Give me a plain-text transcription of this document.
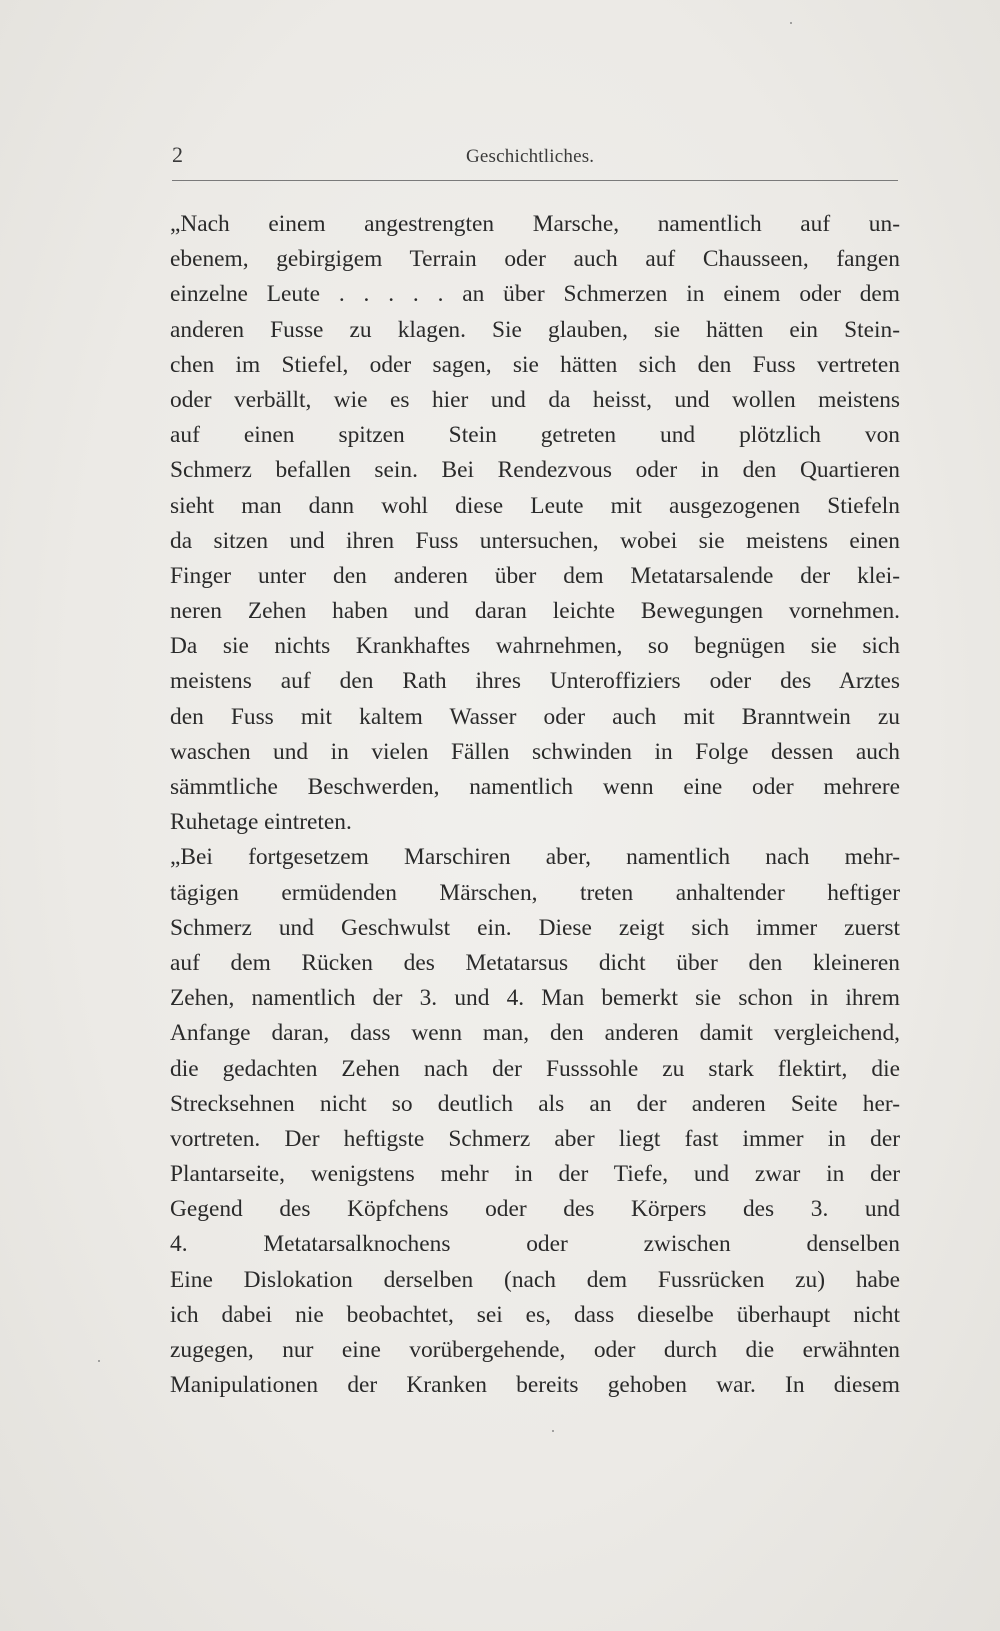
2	Geschichtliches.
„Nach einem angestrengten Marsche, namentlich auf un-
ebenem, gebirgigem Terrain oder auch auf Chausseen, fangen
einzelne Leute . . . . . an über Schmerzen in einem oder dem
anderen Fusse zu klagen. Sie glauben, sie hätten ein Stein-
chen im Stiefel, oder sagen, sie hätten sich den Fuss vertreten
oder verbällt, wie es hier und da heisst, und wollen meistens
auf einen spitzen Stein getreten und plötzlich von
Schmerz befallen sein. Bei Rendezvous oder in den Quartieren
sieht man dann wohl diese Leute mit ausgezogenen Stiefeln
da sitzen und ihren Fuss untersuchen, wobei sie meistens einen
Finger unter den anderen über dem Metatarsalende der klei-
neren Zehen haben und daran leichte Bewegungen vornehmen.
Da sie nichts Krankhaftes wahrnehmen, so begnügen sie sich
meistens auf den Rath ihres Unteroffiziers oder des Arztes
den Fuss mit kaltem Wasser oder auch mit Branntwein zu
waschen und in vielen Fällen schwinden in Folge dessen auch
sämmtliche Beschwerden, namentlich wenn eine oder mehrere
Ruhetage eintreten.
„Bei fortgesetzem Marschiren aber, namentlich nach mehr-
tägigen ermüdenden Märschen, treten anhaltender heftiger
Schmerz und Geschwulst ein. Diese zeigt sich immer zuerst
auf dem Rücken des Metatarsus dicht über den kleineren
Zehen, namentlich der 3. und 4. Man bemerkt sie schon in ihrem
Anfange daran, dass wenn man, den anderen damit vergleichend,
die gedachten Zehen nach der Fusssohle zu stark flektirt, die
Strecksehnen nicht so deutlich als an der anderen Seite her-
vortreten. Der heftigste Schmerz aber liegt fast immer in der
Plantarseite, wenigstens mehr in der Tiefe, und zwar in der
Gegend des Köpfchens oder des Körpers des 3. und
4. Metatarsalknochens oder zwischen denselben
Eine Dislokation derselben (nach dem Fussrücken zu) habe
ich dabei nie beobachtet, sei es, dass dieselbe überhaupt nicht
zugegen, nur eine vorübergehende, oder durch die erwähnten
Manipulationen der Kranken bereits gehoben war. In diesem
